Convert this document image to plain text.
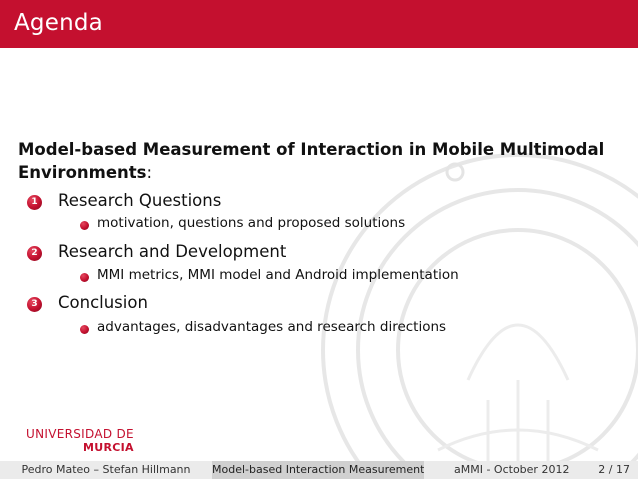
Agenda
Model-based Measurement of Interaction in Mobile Multimodal
Environments:
1 Research Questions
motivation, questions and proposed solutions
2 Research and Development
MMI metrics, MMI model and Android implementation
3 Conclusion
advantages, disadvantages and research directions
UNIVERSIDAD DE
MURCIA
Pedro Mateo – Stefan Hillmann	Model-based Interaction Measurement	aMMI - October 2012	2 / 17
